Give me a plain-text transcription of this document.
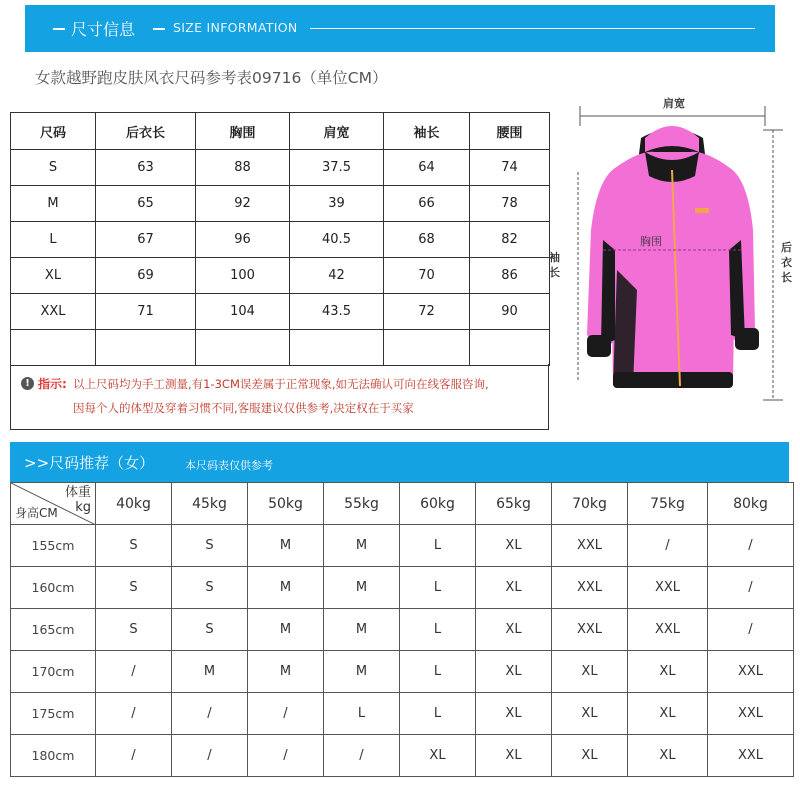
尺寸信息	SIZE INFORMATION
女款越野跑皮肤风衣尺码参考表09716（单位CM）
尺码	后衣长	胸围	肩宽	袖长	腰围
S	63	88	37.5	64	74
M	65	92	39	66	78
L	67	96	40.5	68	82
XL	69	100	42	70	86
XXL	71	104	43.5	72	90

! 指示: 以上尺码均为手工测量,有1-3CM误差属于正常现象,如无法确认可向在线客服咨询,
因每个人的体型及穿着习惯不同,客服建议仅供参考,决定权在于买家
肩宽
胸围
袖长
后衣长
>>尺码推荐（女）	本尺码表仅供参考
体重
kg
身高CM	40kg	45kg	50kg	55kg	60kg	65kg	70kg	75kg	80kg
155cm	S	S	M	M	L	XL	XXL	/	/
160cm	S	S	M	M	L	XL	XXL	XXL	/
165cm	S	S	M	M	L	XL	XXL	XXL	/
170cm	/	M	M	M	L	XL	XL	XL	XXL
175cm	/	/	/	L	L	XL	XL	XL	XXL
180cm	/	/	/	/	XL	XL	XL	XL	XXL
